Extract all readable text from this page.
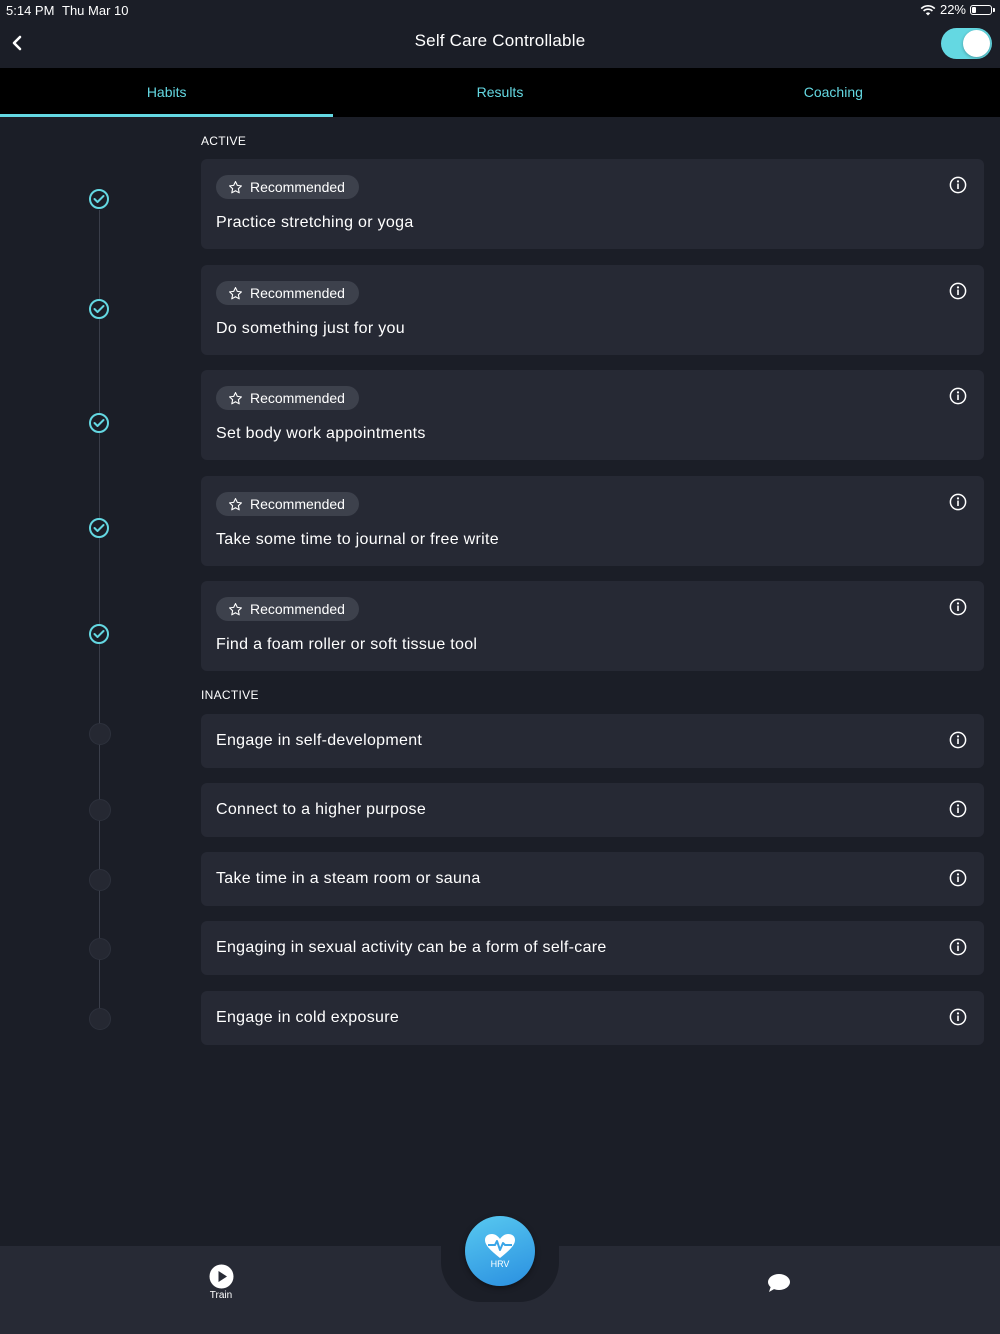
5:14 PM Thu Mar 10	22%
Self Care Controllable
Habits	Results	Coaching
ACTIVE
Recommended
Practice stretching or yoga
Recommended
Do something just for you
Recommended
Set body work appointments
Recommended
Take some time to journal or free write
Recommended
Find a foam roller or soft tissue tool
INACTIVE
Engage in self-development
Connect to a higher purpose
Take time in a steam room or sauna
Engaging in sexual activity can be a form of self-care
Engage in cold exposure
Train
HRV
